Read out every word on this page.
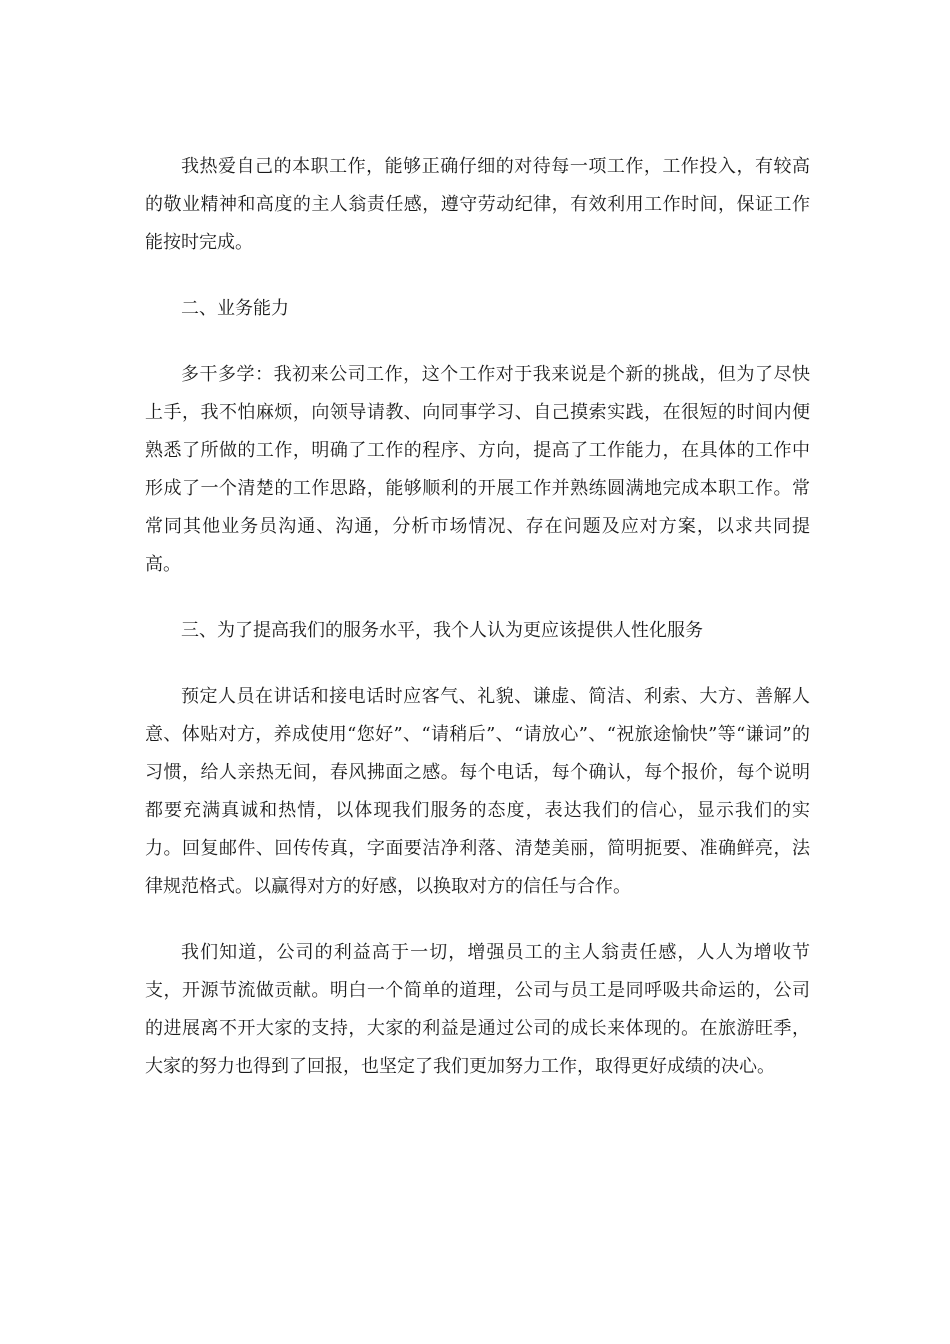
我热爱自己的本职工作，能够正确仔细的对待每一项工作，工作投入，有较高的敬业精神和高度的主人翁责任感，遵守劳动纪律，有效利用工作时间，保证工作能按时完成。

二、业务能力

多干多学：我初来公司工作，这个工作对于我来说是个新的挑战，但为了尽快上手，我不怕麻烦，向领导请教、向同事学习、自己摸索实践，在很短的时间内便熟悉了所做的工作，明确了工作的程序、方向，提高了工作能力，在具体的工作中形成了一个清楚的工作思路，能够顺利的开展工作并熟练圆满地完成本职工作。常常同其他业务员沟通、沟通，分析市场情况、存在问题及应对方案，以求共同提高。

三、为了提高我们的服务水平，我个人认为更应该提供人性化服务

预定人员在讲话和接电话时应客气、礼貌、谦虚、简洁、利索、大方、善解人意、体贴对方，养成使用“您好”、“请稍后”、“请放心”、“祝旅途愉快”等“谦词”的习惯，给人亲热无间，春风拂面之感。每个电话，每个确认，每个报价，每个说明都要充满真诚和热情，以体现我们服务的态度，表达我们的信心，显示我们的实力。回复邮件、回传传真，字面要洁净利落、清楚美丽，简明扼要、准确鲜亮，法律规范格式。以赢得对方的好感，以换取对方的信任与合作。

我们知道，公司的利益高于一切，增强员工的主人翁责任感，人人为增收节支，开源节流做贡献。明白一个简单的道理，公司与员工是同呼吸共命运的，公司的进展离不开大家的支持，大家的利益是通过公司的成长来体现的。在旅游旺季，大家的努力也得到了回报，也坚定了我们更加努力工作，取得更好成绩的决心。
